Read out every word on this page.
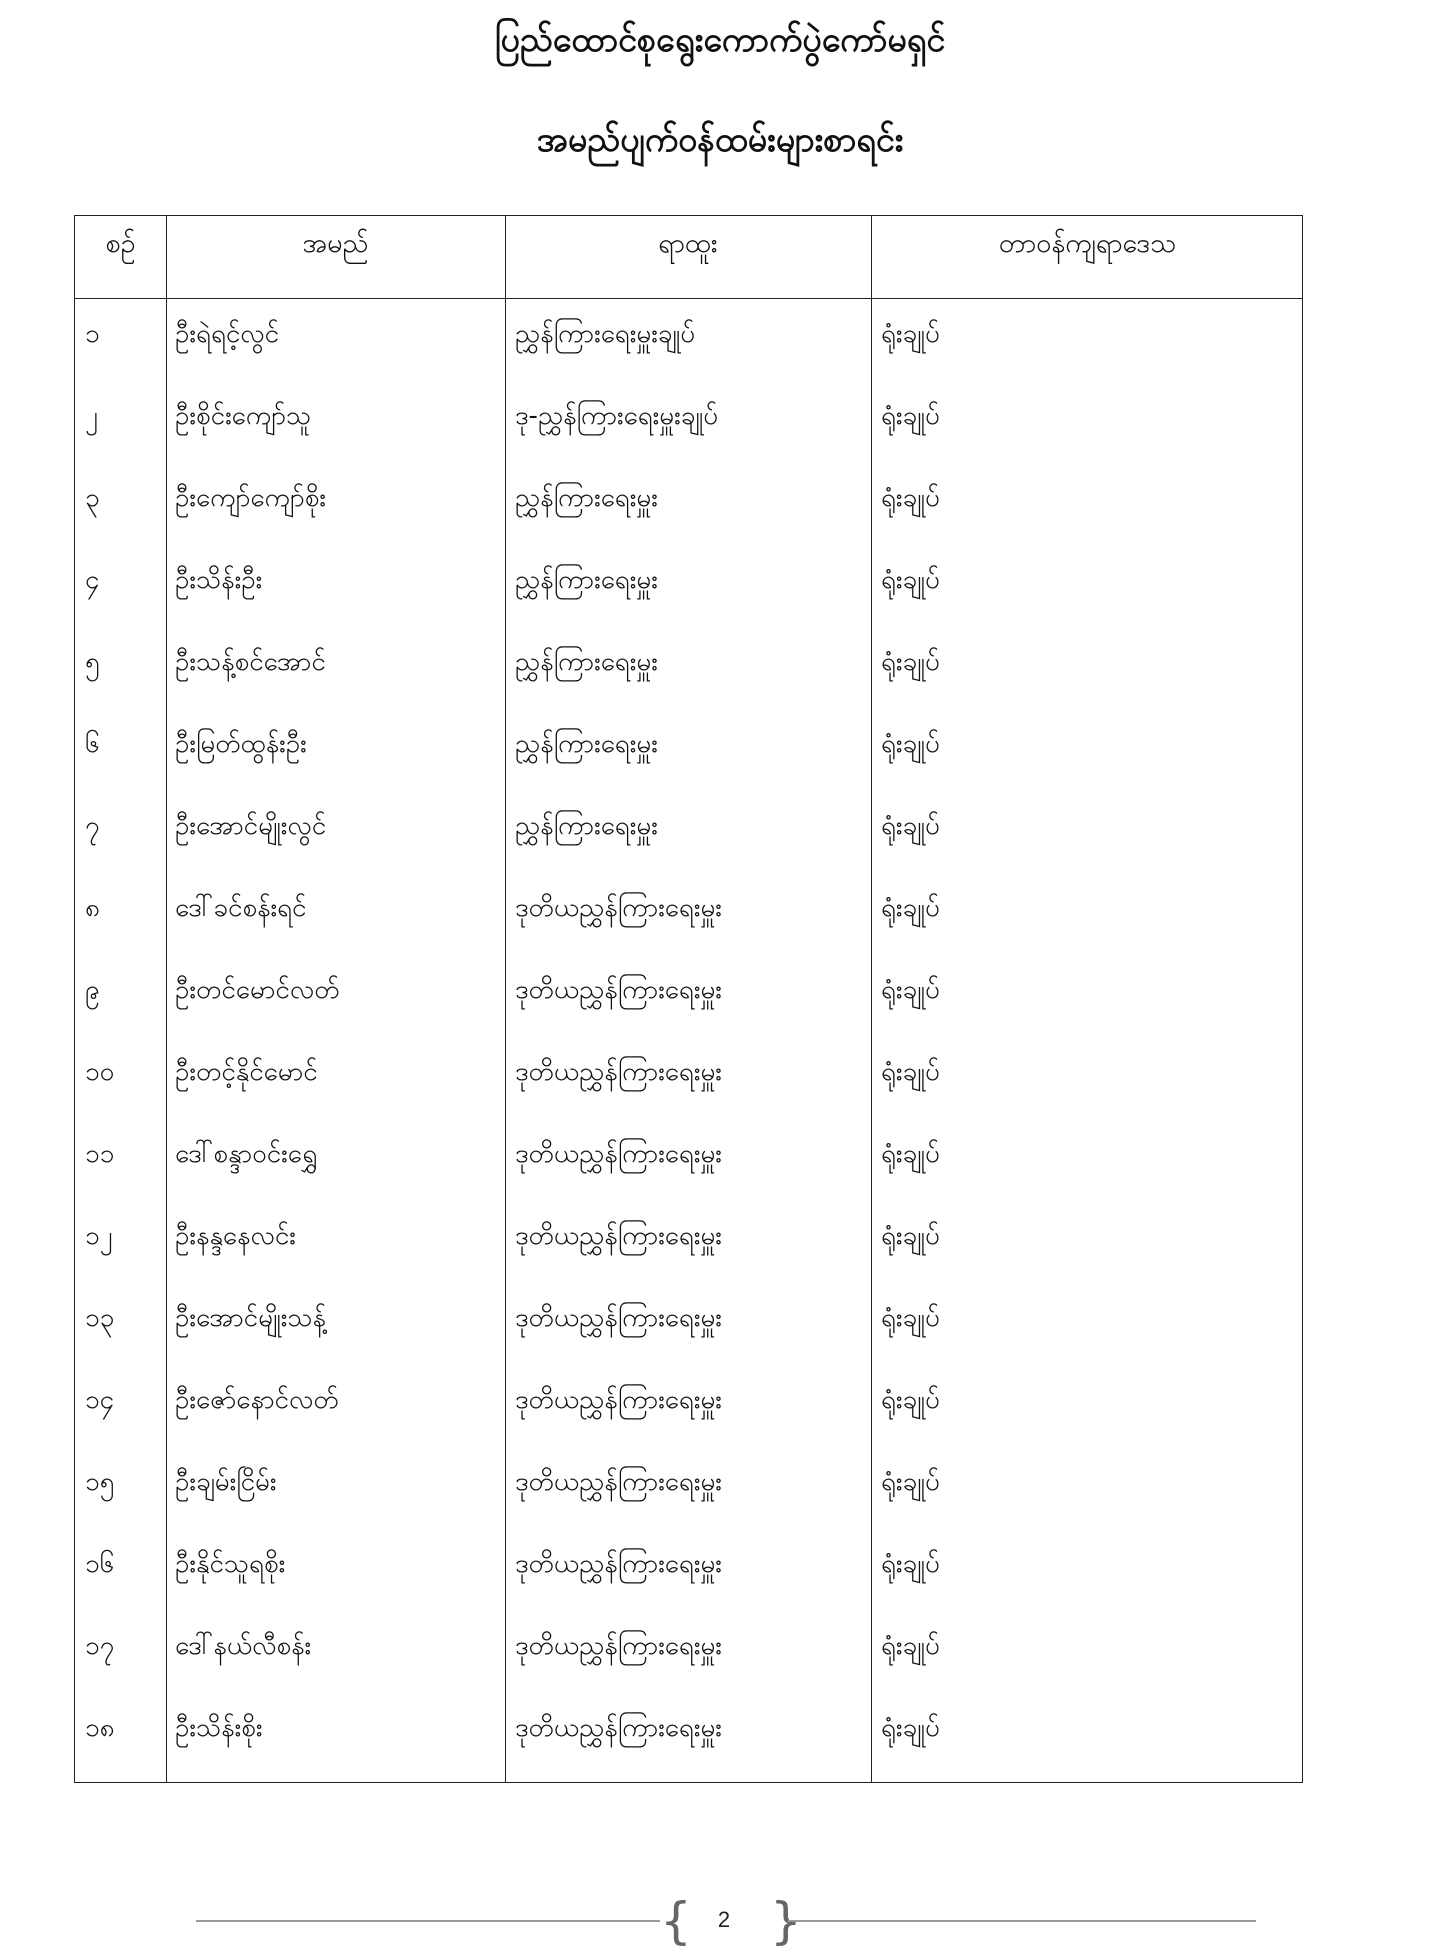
ပြည်ထောင်စုရွေးကောက်ပွဲကော်မရှင်
အမည်ပျက်ဝန်ထမ်းများစာရင်း
စဉ်	အမည်	ရာထူး	တာဝန်ကျရာဒေသ
၁	ဦးရဲရင့်လွင်	ညွှန်ကြားရေးမှူးချုပ်	ရုံးချုပ်
၂	ဦးစိုင်းကျော်သူ	ဒု-ညွှန်ကြားရေးမှူးချုပ်	ရုံးချုပ်
၃	ဦးကျော်ကျော်စိုး	ညွှန်ကြားရေးမှူး	ရုံးချုပ်
၄	ဦးသိန်းဦး	ညွှန်ကြားရေးမှူး	ရုံးချုပ်
၅	ဦးသန့်စင်အောင်	ညွှန်ကြားရေးမှူး	ရုံးချုပ်
၆	ဦးမြတ်ထွန်းဦး	ညွှန်ကြားရေးမှူး	ရုံးချုပ်
၇	ဦးအောင်မျိုးလွင်	ညွှန်ကြားရေးမှူး	ရုံးချုပ်
၈	ဒေါ်ခင်စန်းရင်	ဒုတိယညွှန်ကြားရေးမှူး	ရုံးချုပ်
၉	ဦးတင်မောင်လတ်	ဒုတိယညွှန်ကြားရေးမှူး	ရုံးချုပ်
၁၀	ဦးတင့်နိုင်မောင်	ဒုတိယညွှန်ကြားရေးမှူး	ရုံးချုပ်
၁၁	ဒေါ်စန္ဒာဝင်းရွှေ	ဒုတိယညွှန်ကြားရေးမှူး	ရုံးချုပ်
၁၂	ဦးနန္ဒနေလင်း	ဒုတိယညွှန်ကြားရေးမှူး	ရုံးချုပ်
၁၃	ဦးအောင်မျိုးသန့်	ဒုတိယညွှန်ကြားရေးမှူး	ရုံးချုပ်
၁၄	ဦးဇော်နောင်လတ်	ဒုတိယညွှန်ကြားရေးမှူး	ရုံးချုပ်
၁၅	ဦးချမ်းငြိမ်း	ဒုတိယညွှန်ကြားရေးမှူး	ရုံးချုပ်
၁၆	ဦးနိုင်သူရစိုး	ဒုတိယညွှန်ကြားရေးမှူး	ရုံးချုပ်
၁၇	ဒေါ်နယ်လီစန်း	ဒုတိယညွှန်ကြားရေးမှူး	ရုံးချုပ်
၁၈	ဦးသိန်းစိုး	ဒုတိယညွှန်ကြားရေးမှူး	ရုံးချုပ်
{	2 }
